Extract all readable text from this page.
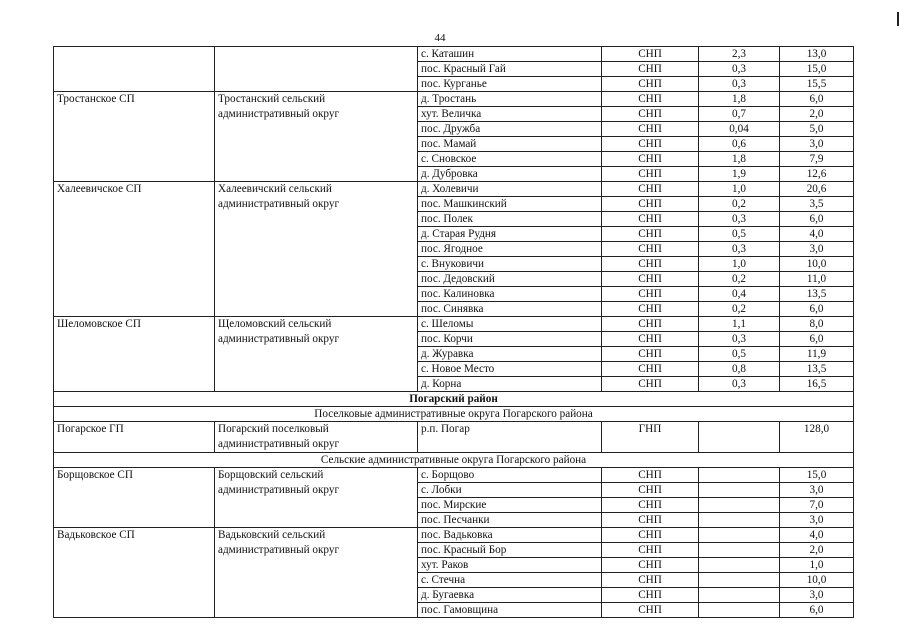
44
		с. Каташин	СНП	2,3	13,0
		пос. Красный Гай	СНП	0,3	15,0
		пос. Курганье	СНП	0,3	15,5
Тростанское СП	Тростанский сельский административный округ	д. Тростань	СНП	1,8	6,0
		хут. Величка	СНП	0,7	2,0
		пос. Дружба	СНП	0,04	5,0
		пос. Мамай	СНП	0,6	3,0
		с. Сновское	СНП	1,8	7,9
		д. Дубровка	СНП	1,9	12,6
Халеевичское СП	Халеевичский сельский административный округ	д. Холевичи	СНП	1,0	20,6
		пос. Машкинский	СНП	0,2	3,5
		пос. Полек	СНП	0,3	6,0
		д. Старая Рудня	СНП	0,5	4,0
		пос. Ягодное	СНП	0,3	3,0
		с. Внуковичи	СНП	1,0	10,0
		пос. Дедовский	СНП	0,2	11,0
		пос. Калиновка	СНП	0,4	13,5
		пос. Синявка	СНП	0,2	6,0
Шеломовское СП	Щеломовский сельский административный округ	с. Шеломы	СНП	1,1	8,0
		пос. Корчи	СНП	0,3	6,0
		д. Журавка	СНП	0,5	11,9
		с. Новое Место	СНП	0,8	13,5
		д. Корна	СНП	0,3	16,5
Погарский район					
Поселковые административные округа Погарского района					
Погарское ГП	Погарский поселковый административный округ	р.п. Погар	ГНП		128,0
Сельские административные округа Погарского района					
Борщовское СП	Борщовский сельский административный округ	с. Борщово	СНП		15,0
		с. Лобки	СНП		3,0
		пос. Мирские	СНП		7,0
		пос. Песчанки	СНП		3,0
Вадьковское СП	Вадьковский сельский административный округ	пос. Вадьковка	СНП		4,0
		пос. Красный Бор	СНП		2,0
		хут. Раков	СНП		1,0
		с. Стечна	СНП		10,0
		д. Бугаевка	СНП		3,0
		пос. Гамовщина	СНП		6,0
